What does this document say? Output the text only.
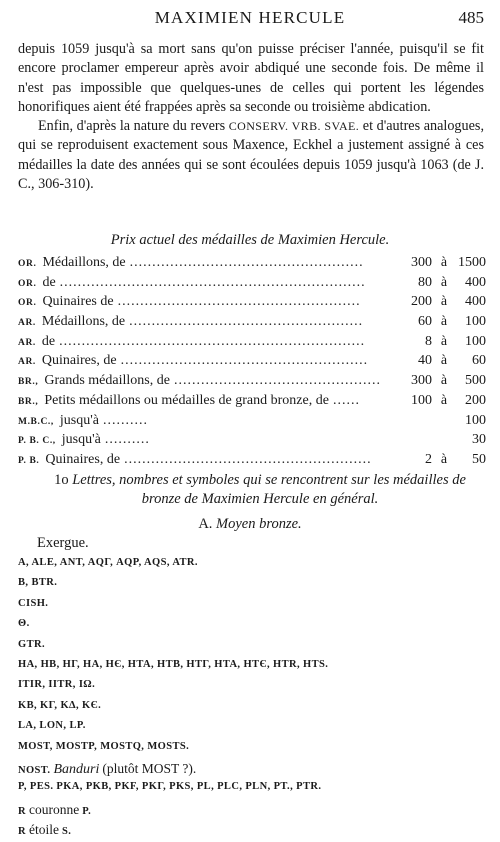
MAXIMIEN HERCULE	485

depuis 1059 jusqu'à sa mort sans qu'on puisse préciser l'année, puisqu'il se fit encore proclamer empereur après avoir abdiqué une seconde fois. De même il n'est pas impossible que quelques-unes de celles qui portent les légendes honorifiques aient été frappées après sa seconde ou troisième abdication.

Enfin, d'après la nature du revers CONSERV. VRB. SVAE. et d'autres analogues, qui se reproduisent exactement sous Maxence, Eckhel a justement assigné à ces médailles la date des années qui se sont écoulées depuis 1059 jusqu'à 1063 (de J. C., 306-310).

Prix actuel des médailles de Maximien Hercule.
OR. Médaillons, de ....................................................	300 à 1500
OR. de ....................................................................	80 à	400
OR. Quinaires de ......................................................	200 à	400
AR. Médaillons, de ....................................................	60 à	100
AR. de ....................................................................	8 à	100
AR. Quinaires, de .......................................................	40 à	60
BR., Grands médaillons, de ..............................................	300 à	500
BR., Petits médaillons ou médailles de grand bronze, de ......	100 à	200
M.B.C., jusqu'à ..........	100
P. B. C., jusqu'à ..........	30
P. B. Quinaires, de .......................................................	2 à	50
1o Lettres, nombres et symboles qui se rencontrent sur les médailles de bronze de Maximien Hercule en général.
A. Moyen bronze.
Exergue.
A, ALE, ANT, AQΓ, AQP, AQS, ATR.
B, BTR.
CISH.
Θ.
GTR.
HA, HB, HΓ, HA, HЄ, HTA, HTB, HTΓ, HTA, HTЄ, HTR, HTS.
ITIR, IITR, IΩ.
KB, KΓ, KΔ, KЄ.
LA, LON, LP.
MOST, MOSTP, MOSTQ, MOSTS.
NOST. Banduri (plutôt MOST ?).
P, PES. PKA, PKB, PKF, PKΓ, PKS, PL, PLC, PLN, PT., PTR.
R couronne P.
R étoile S.
